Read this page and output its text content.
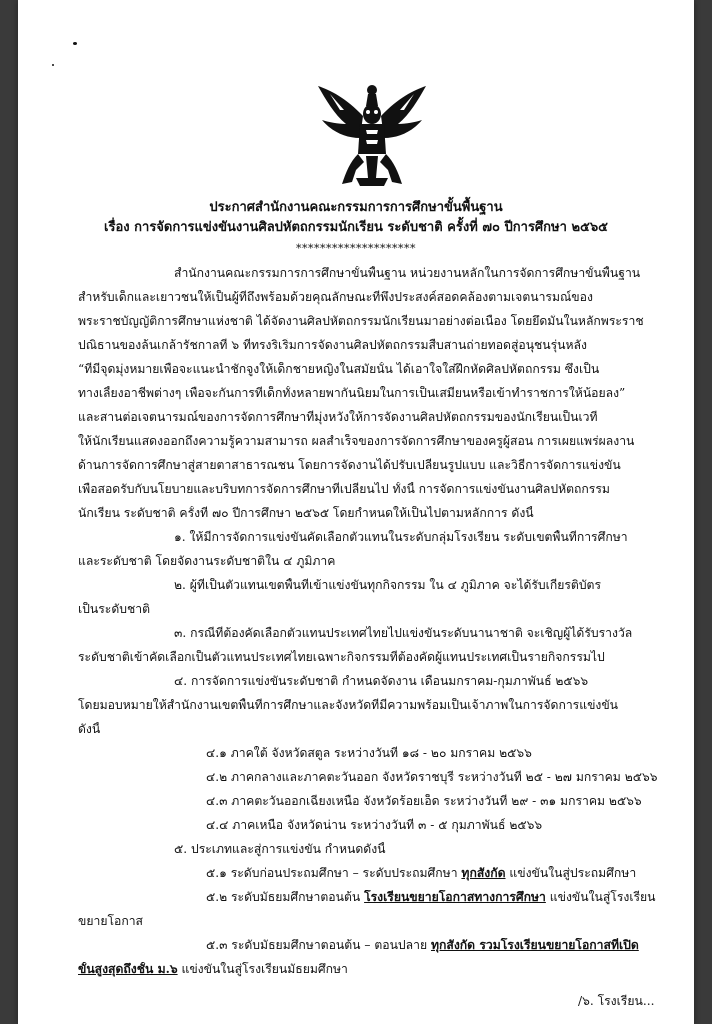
ประกาศสำนักงานคณะกรรมการการศึกษาขั้นพื้นฐาน
เรื่อง การจัดการแข่งขันงานศิลปหัตถกรรมนักเรียน ระดับชาติ ครั้งที่ ๗๐ ปีการศึกษา ๒๕๖๕
********************
สำนักงานคณะกรรมการการศึกษาขั้นพื้นฐาน หน่วยงานหลักในการจัดการศึกษาขั้นพื้นฐาน
สำหรับเด็กและเยาวชนให้เป็นผู้ที่ถึงพร้อมด้วยคุณลักษณะที่พึงประสงค์สอดคล้องตามเจตนารมณ์ของ
พระราชบัญญัติการศึกษาแห่งชาติ ได้จัดงานศิลปหัตถกรรมนักเรียนมาอย่างต่อเนื่อง โดยยึดมั่นในหลักพระราช
ปณิธานของล้นเกล้ารัชกาลที่ ๖ ที่ทรงริเริ่มการจัดงานศิลปหัตถกรรมสืบสานถ่ายทอดสู่อนุชนรุ่นหลัง
“ที่มีจุดมุ่งหมายเพื่อจะแนะนำชักจูงให้เด็กชายหญิงในสมัยนั้น ได้เอาใจใส่ฝึกหัดศิลปหัตถกรรม ซึ่งเป็น
ทางเลี้ยงอาชีพต่างๆ เพื่อจะกันการที่เด็กทั้งหลายพากันนิยมในการเป็นเสมียนหรือเข้าทำราชการให้น้อยลง”
และสานต่อเจตนารมณ์ของการจัดการศึกษาที่มุ่งหวังให้การจัดงานศิลปหัตถกรรมของนักเรียนเป็นเวที
ให้นักเรียนแสดงออกถึงความรู้ความสามารถ ผลสำเร็จของการจัดการศึกษาของครูผู้สอน การเผยแพร่ผลงาน
ด้านการจัดการศึกษาสู่สายตาสาธารณชน โดยการจัดงานได้ปรับเปลี่ยนรูปแบบ และวิธีการจัดการแข่งขัน
เพื่อสอดรับกับนโยบายและบริบทการจัดการศึกษาที่เปลี่ยนไป ทั้งนี้ การจัดการแข่งขันงานศิลปหัตถกรรม
นักเรียน ระดับชาติ ครั้งที่ ๗๐ ปีการศึกษา ๒๕๖๕ โดยกำหนดให้เป็นไปตามหลักการ ดังนี้
๑. ให้มีการจัดการแข่งขันคัดเลือกตัวแทนในระดับกลุ่มโรงเรียน ระดับเขตพื้นที่การศึกษา
และระดับชาติ โดยจัดงานระดับชาติใน ๔ ภูมิภาค
๒. ผู้ที่เป็นตัวแทนเขตพื้นที่เข้าแข่งขันทุกกิจกรรม ใน ๔ ภูมิภาค จะได้รับเกียรติบัตร
เป็นระดับชาติ
๓. กรณีที่ต้องคัดเลือกตัวแทนประเทศไทยไปแข่งขันระดับนานาชาติ จะเชิญผู้ได้รับรางวัล
ระดับชาติเข้าคัดเลือกเป็นตัวแทนประเทศไทยเฉพาะกิจกรรมที่ต้องคัดผู้แทนประเทศเป็นรายกิจกรรมไป
๔. การจัดการแข่งขันระดับชาติ กำหนดจัดงาน เดือนมกราคม-กุมภาพันธ์ ๒๕๖๖
โดยมอบหมายให้สำนักงานเขตพื้นที่การศึกษาและจังหวัดที่มีความพร้อมเป็นเจ้าภาพในการจัดการแข่งขัน
ดังนี้
๔.๑ ภาคใต้ จังหวัดสตูล ระหว่างวันที่ ๑๘ - ๒๐ มกราคม ๒๕๖๖
๔.๒ ภาคกลางและภาคตะวันออก จังหวัดราชบุรี ระหว่างวันที่ ๒๕ - ๒๗ มกราคม ๒๕๖๖
๔.๓ ภาคตะวันออกเฉียงเหนือ จังหวัดร้อยเอ็ด ระหว่างวันที่ ๒๙ - ๓๑ มกราคม ๒๕๖๖
๔.๔ ภาคเหนือ จังหวัดน่าน ระหว่างวันที่ ๓ - ๕ กุมภาพันธ์ ๒๕๖๖
๕. ประเภทและสู่การแข่งขัน กำหนดดังนี้
๕.๑ ระดับก่อนประถมศึกษา – ระดับประถมศึกษา ทุกสังกัด แข่งขันในสู่ประถมศึกษา
๕.๒ ระดับมัธยมศึกษาตอนต้น โรงเรียนขยายโอกาสทางการศึกษา แข่งขันในสู่โรงเรียน
ขยายโอกาส
๕.๓ ระดับมัธยมศึกษาตอนต้น – ตอนปลาย ทุกสังกัด รวมโรงเรียนขยายโอกาสที่เปิด
ขั้นสูงสุดถึงชั้น ม.๖ แข่งขันในสู่โรงเรียนมัธยมศึกษา
/๖. โรงเรียน...
